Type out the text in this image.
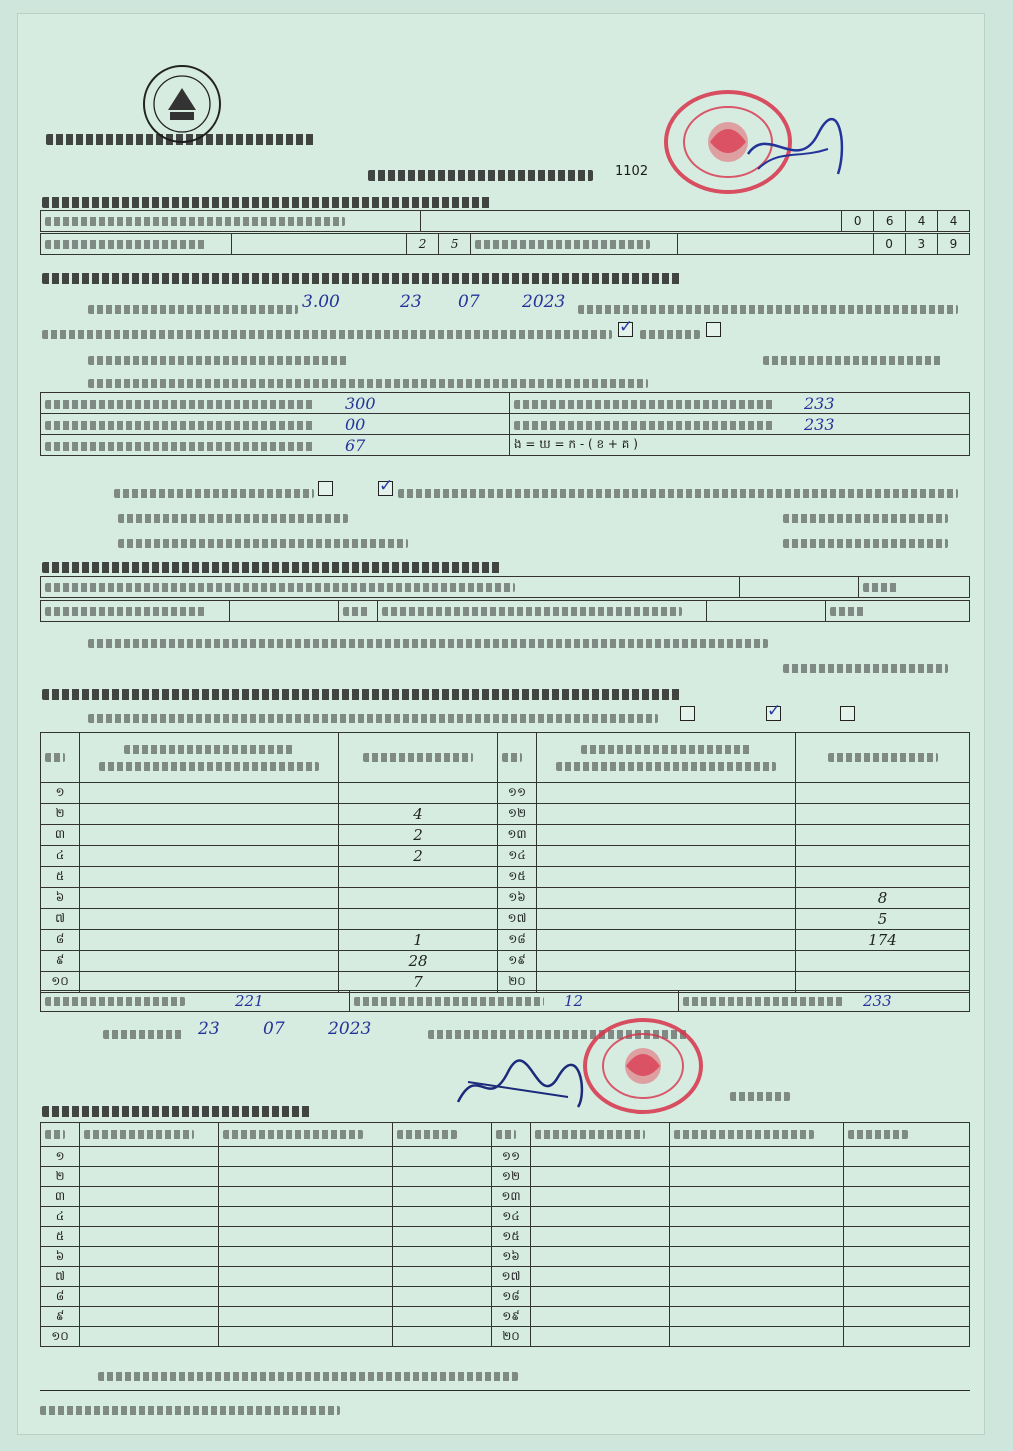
1102
		0	6	4	4
		2	5			0	3	9
3.00	23 07 2023
✓
300	233
00	233
67	ង = ឃ = ក - ( ខ + គ )
✓

✓

១			១១		
២		4	១២		
៣		2	១៣		
៤		2	១៤		
៥			១៥		
៦			១៦		8
៧			១៧		5
៨		1	១៨		174
៩		28	១៩		
១០		7	២០		
221	12	233
23	07	2023

១				១១			
២				១២			
៣				១៣			
៤				១៤			
៥				១៥			
៦				១៦			
៧				១៧			
៨				១៨			
៩				១៩			
១០				២០			
